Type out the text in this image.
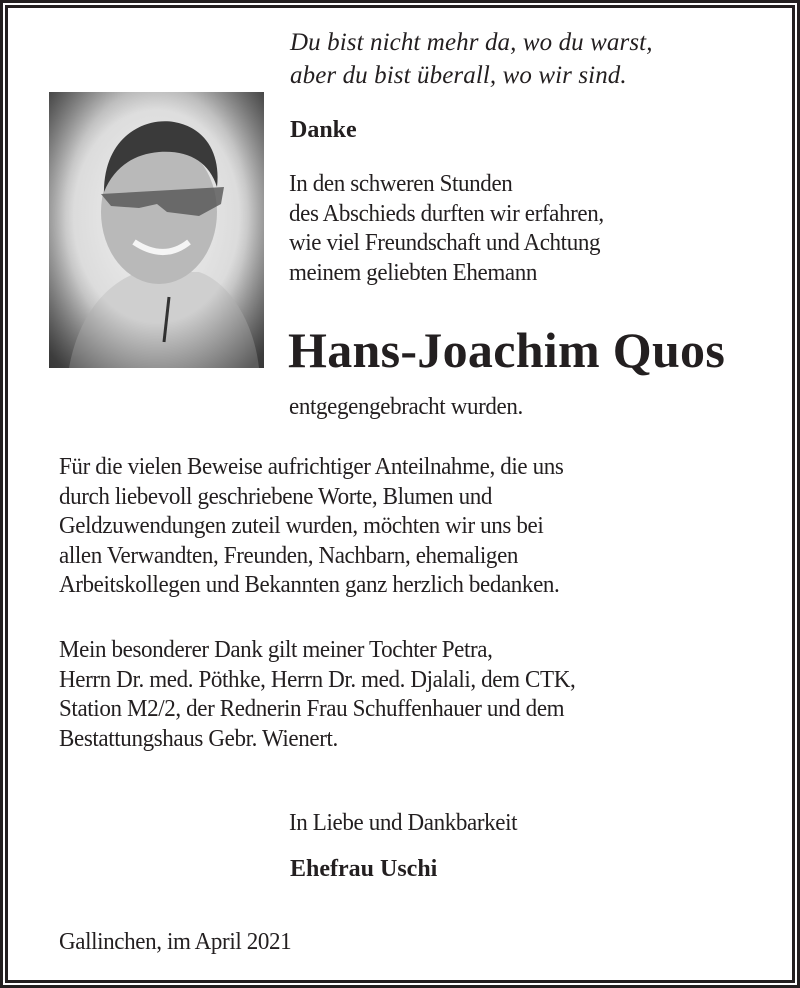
Du bist nicht mehr da, wo du warst,
aber du bist überall, wo wir sind.
Danke
In den schweren Stunden
des Abschieds durften wir erfahren,
wie viel Freundschaft und Achtung
meinem geliebten Ehemann
Hans-Joachim Quos
entgegengebracht wurden.
Für die vielen Beweise aufrichtiger Anteilnahme, die uns
durch liebevoll geschriebene Worte, Blumen und
Geldzuwendungen zuteil wurden, möchten wir uns bei
allen Verwandten, Freunden, Nachbarn, ehemaligen
Arbeitskollegen und Bekannten ganz herzlich bedanken.
Mein besonderer Dank gilt meiner Tochter Petra,
Herrn Dr. med. Pöthke, Herrn Dr. med. Djalali, dem CTK,
Station M2/2, der Rednerin Frau Schuffenhauer und dem
Bestattungshaus Gebr. Wienert.
In Liebe und Dankbarkeit
Ehefrau Uschi
Gallinchen, im April 2021
